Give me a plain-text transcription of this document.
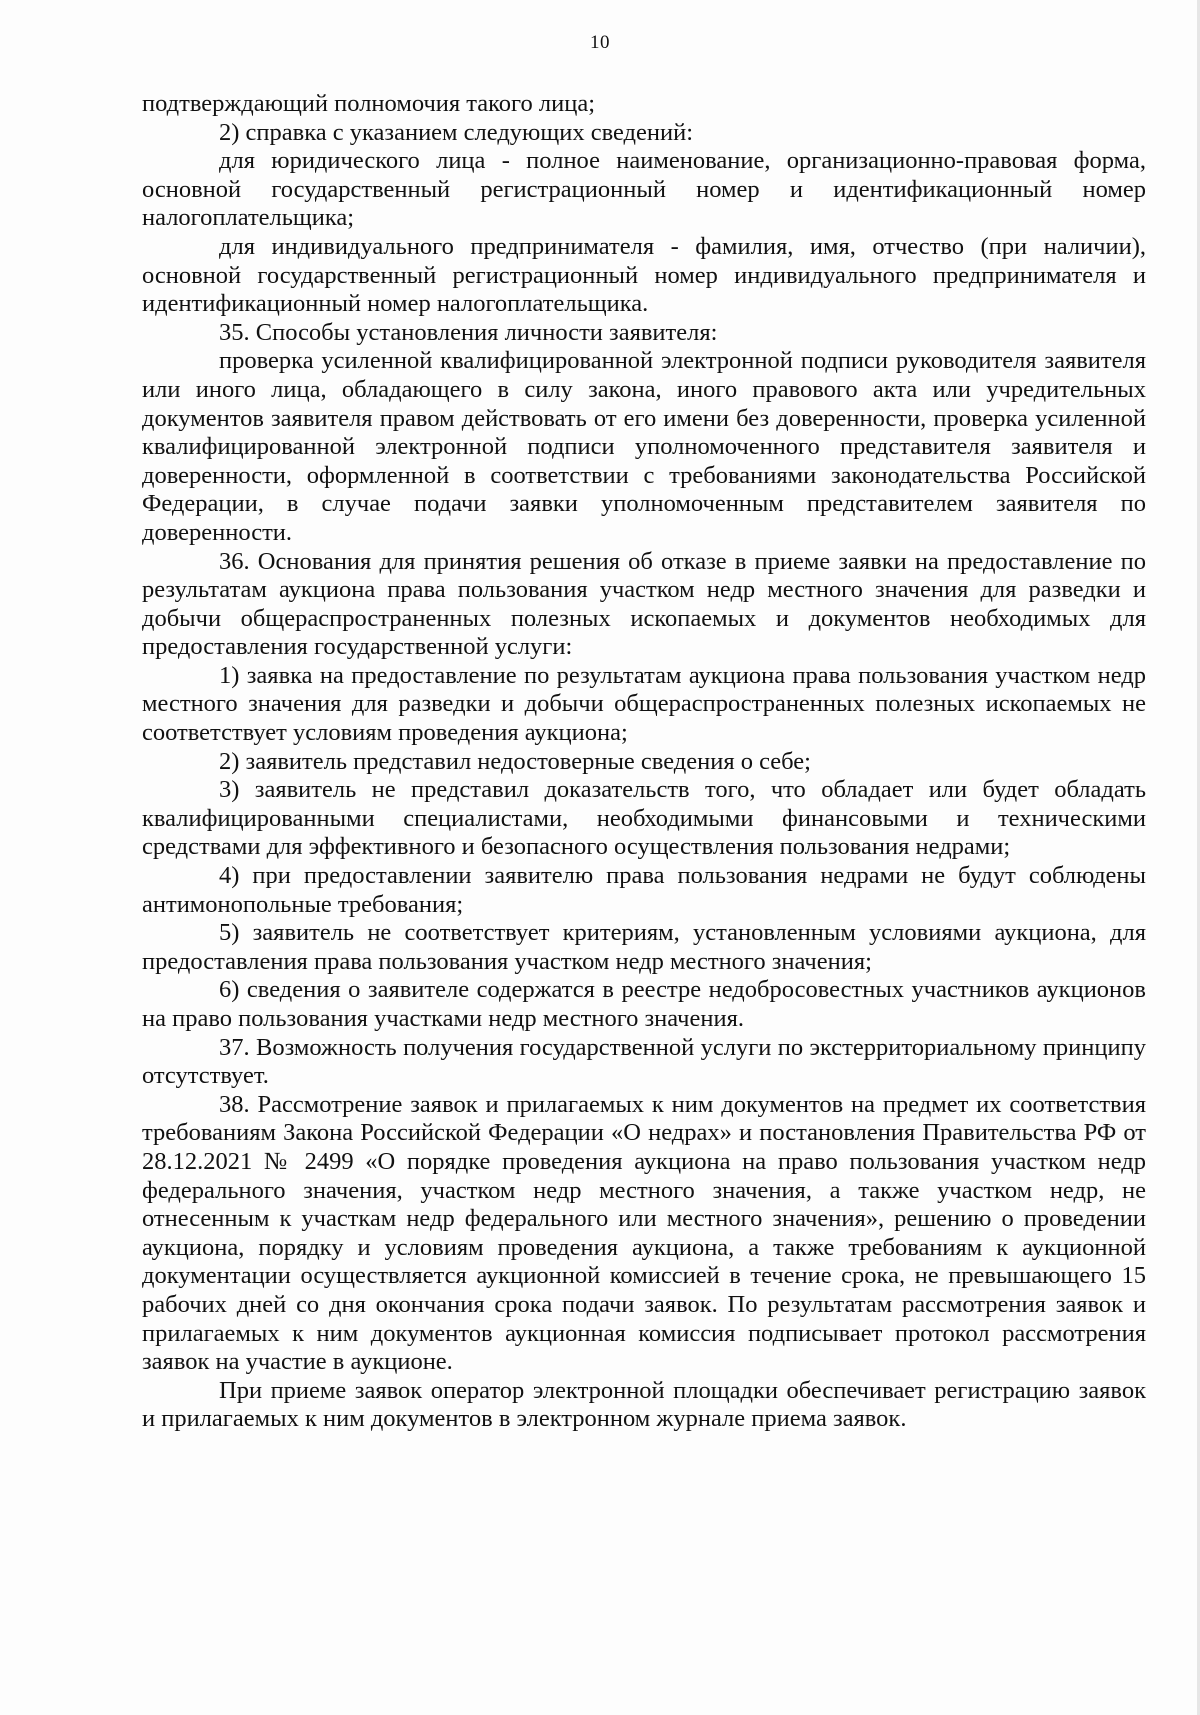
10

подтверждающий полномочия такого лица;

2) справка с указанием следующих сведений:

для юридического лица - полное наименование, организационно-правовая форма, основной государственный регистрационный номер и идентификационный номер налогоплательщика;

для индивидуального предпринимателя - фамилия, имя, отчество (при наличии), основной государственный регистрационный номер индивидуального предпринимателя и идентификационный номер налогоплательщика.

35. Способы установления личности заявителя:

проверка усиленной квалифицированной электронной подписи руководителя заявителя или иного лица, обладающего в силу закона, иного правового акта или учредительных документов заявителя правом действовать от его имени без доверенности, проверка усиленной квалифицированной электронной подписи уполномоченного представителя заявителя и доверенности, оформленной в соответствии с требованиями законодательства Российской Федерации, в случае подачи заявки уполномоченным представителем заявителя по доверенности.

36. Основания для принятия решения об отказе в приеме заявки на предоставление по результатам аукциона права пользования участком недр местного значения для разведки и добычи общераспространенных полезных ископаемых и документов необходимых для предоставления государственной услуги:

1) заявка на предоставление по результатам аукциона права пользования участком недр местного значения для разведки и добычи общераспространенных полезных ископаемых не соответствует условиям проведения аукциона;

2) заявитель представил недостоверные сведения о себе;

3) заявитель не представил доказательств того, что обладает или будет обладать квалифицированными специалистами, необходимыми финансовыми и техническими средствами для эффективного и безопасного осуществления пользования недрами;

4) при предоставлении заявителю права пользования недрами не будут соблюдены антимонопольные требования;

5) заявитель не соответствует критериям, установленным условиями аукциона, для предоставления права пользования участком недр местного значения;

6) сведения о заявителе содержатся в реестре недобросовестных участников аукционов на право пользования участками недр местного значения.

37. Возможность получения государственной услуги по экстерриториальному принципу отсутствует.

38. Рассмотрение заявок и прилагаемых к ним документов на предмет их соответствия требованиям Закона Российской Федерации «О недрах» и постановления Правительства РФ от 28.12.2021 № 2499 «О порядке проведения аукциона на право пользования участком недр федерального значения, участком недр местного значения, а также участком недр, не отнесенным к участкам недр федерального или местного значения», решению о проведении аукциона, порядку и условиям проведения аукциона, а также требованиям к аукционной документации осуществляется аукционной комиссией в течение срока, не превышающего 15 рабочих дней со дня окончания срока подачи заявок. По результатам рассмотрения заявок и прилагаемых к ним документов аукционная комиссия подписывает протокол рассмотрения заявок на участие в аукционе.

При приеме заявок оператор электронной площадки обеспечивает регистрацию заявок и прилагаемых к ним документов в электронном журнале приема заявок.
